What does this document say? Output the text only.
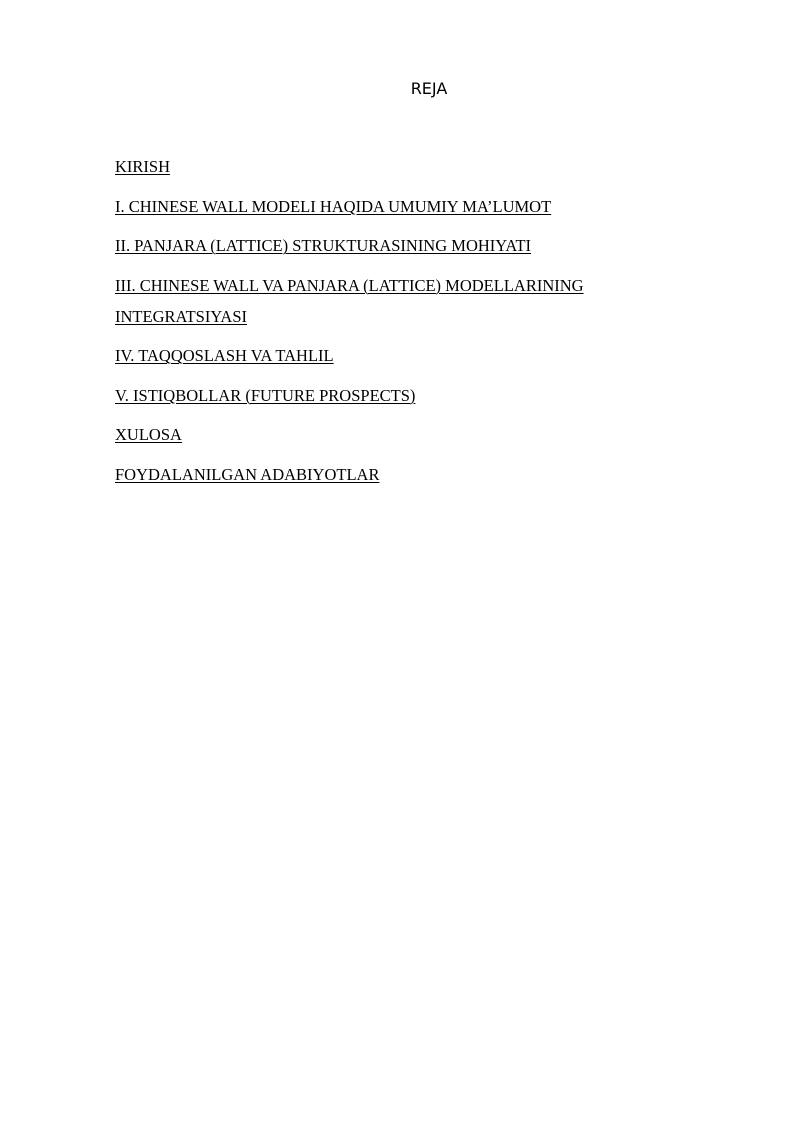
REJA
KIRISH
I. CHINESE WALL MODELI HAQIDA UMUMIY MA’LUMOT
II. PANJARA (LATTICE) STRUKTURASINING MOHIYATI
III. CHINESE WALL VA PANJARA (LATTICE) MODELLARINING INTEGRATSIYASI
IV. TAQQOSLASH VA TAHLIL
V. ISTIQBOLLAR (FUTURE PROSPECTS)
XULOSA
FOYDALANILGAN ADABIYOTLAR
